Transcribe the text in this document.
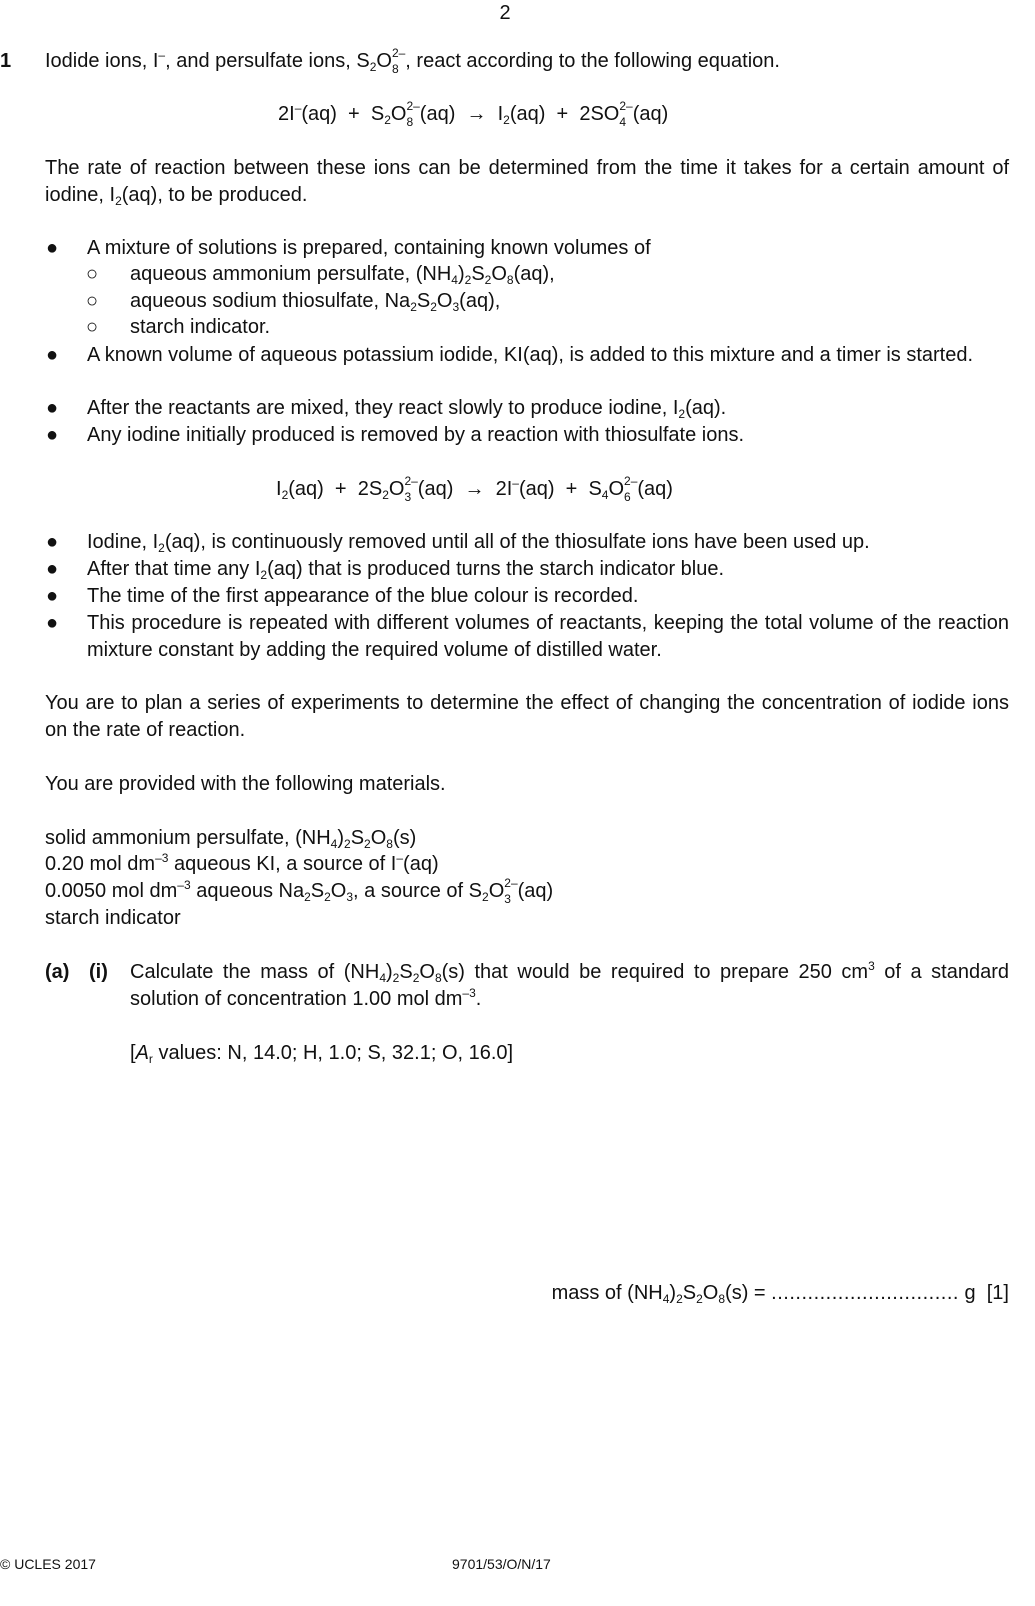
2
1 Iodide ions, I–, and persulfate ions, $S_2O$ 2–
8 , react according to the following equation.
$2I^-(aq) + S_2O$ 2–
8 $(aq) \to I_2(aq) + 2SO$ 2–
4 (aq)
The rate of reaction between these ions can be determined from the time it takes for a certain amount of iodine, $I_2(aq)$, to be produced.
● A mixture of solutions is prepared, containing known volumes of
○ aqueous ammonium persulfate, $(NH_4)_2S_2O_8(aq)$,
○ aqueous sodium thiosulfate, $Na_2S_2O_3(aq)$,
○ starch indicator.
● A known volume of aqueous potassium iodide, KI(aq), is added to this mixture and a timer is started.
● After the reactants are mixed, they react slowly to produce iodine, $I_2(aq)$.
● Any iodine initially produced is removed by a reaction with thiosulfate ions.
$I_2(aq) + 2S_2O$ 2–
3 $(aq) \to 2I^-(aq) + S_4O$ 2–
6 (aq)
● Iodine, $I_2(aq)$, is continuously removed until all of the thiosulfate ions have been used up.
● After that time any $I_2(aq)$ that is produced turns the starch indicator blue.
● The time of the first appearance of the blue colour is recorded.
● This procedure is repeated with different volumes of reactants, keeping the total volume of the reaction mixture constant by adding the required volume of distilled water.
You are to plan a series of experiments to determine the effect of changing the concentration of iodide ions on the rate of reaction.
You are provided with the following materials.
solid ammonium persulfate, $(NH_4)_2S_2O_8(s)$
0.20 mol $dm^{-3}$ aqueous KI, a source of I–(aq)
0.0050 mol $dm^{-3}$ aqueous $Na_2S_2O_3$, a source of $S_2O$ 2–
3 (aq)
starch indicator
(a) (i) Calculate the mass of $(NH_4)_2S_2O_8(s)$ that would be required to prepare 250 $cm^3$ of a standard solution of concentration 1.00 mol $dm^{-3}$.
[$A_r$ values: N, 14.0; H, 1.0; S, 32.1; O, 16.0]
mass of $(NH_4)_2S_2O_8(s)$ = ............................... g [1]
© UCLES 2017	9701/53/O/N/17
